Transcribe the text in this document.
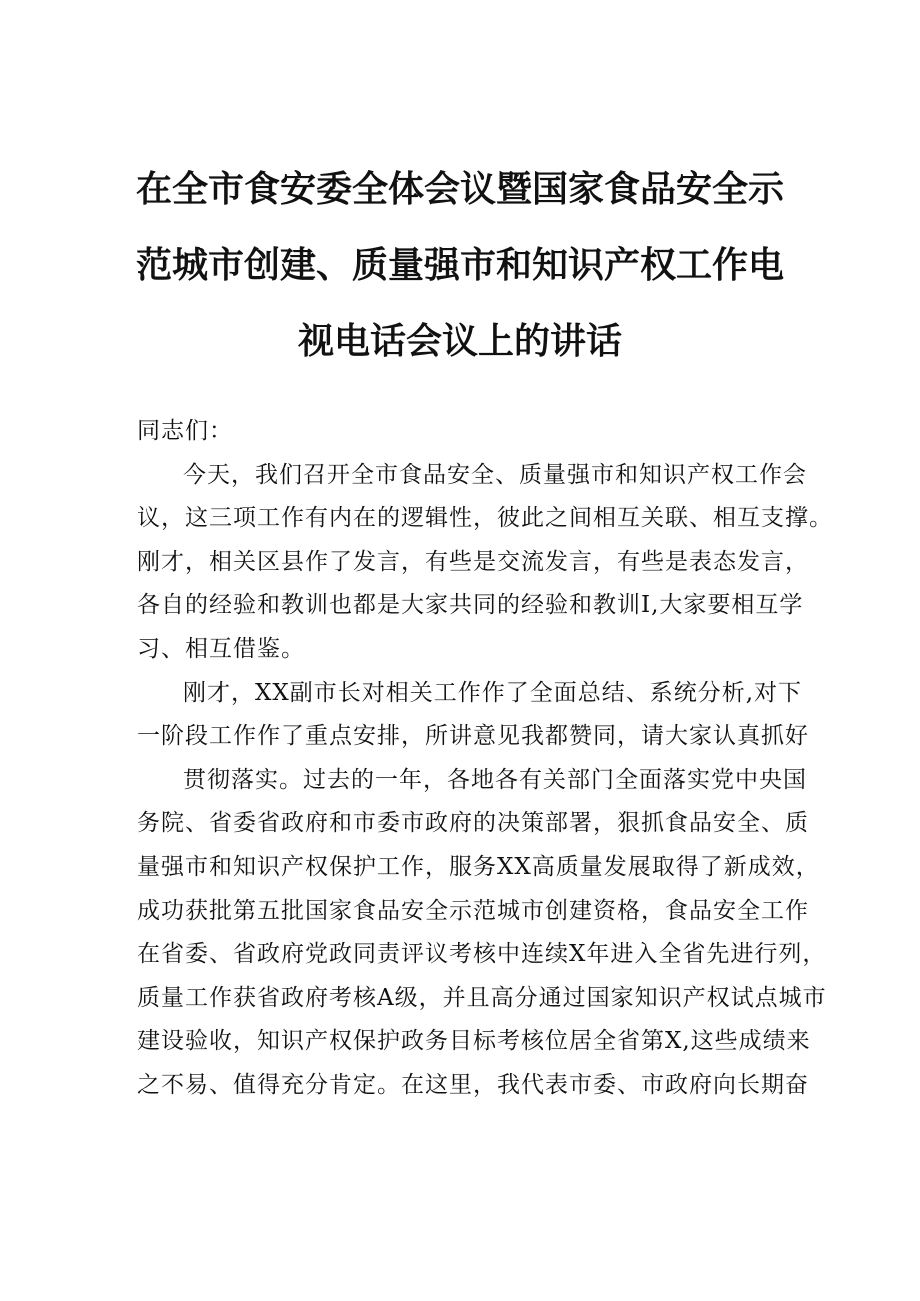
在全市食安委全体会议暨国家食品安全示
范城市创建、质量强市和知识产权工作电
视电话会议上的讲话
同志们：
今天，我们召开全市食品安全、质量强市和知识产权工作会
议，这三项工作有内在的逻辑性，彼此之间相互关联、相互支撑。
刚才，相关区县作了发言，有些是交流发言，有些是表态发言，
各自的经验和教训也都是大家共同的经验和教训I,大家要相互学
习、相互借鉴。
刚才，XX副市长对相关工作作了全面总结、系统分析,对下
一阶段工作作了重点安排，所讲意见我都赞同，请大家认真抓好
贯彻落实。过去的一年，各地各有关部门全面落实党中央国
务院、省委省政府和市委市政府的决策部署，狠抓食品安全、质
量强市和知识产权保护工作，服务XX高质量发展取得了新成效，
成功获批第五批国家食品安全示范城市创建资格，食品安全工作
在省委、省政府党政同责评议考核中连续X年进入全省先进行列，
质量工作获省政府考核A级，并且高分通过国家知识产权试点城市
建设验收，知识产权保护政务目标考核位居全省第X,这些成绩来
之不易、值得充分肯定。在这里，我代表市委、市政府向长期奋
